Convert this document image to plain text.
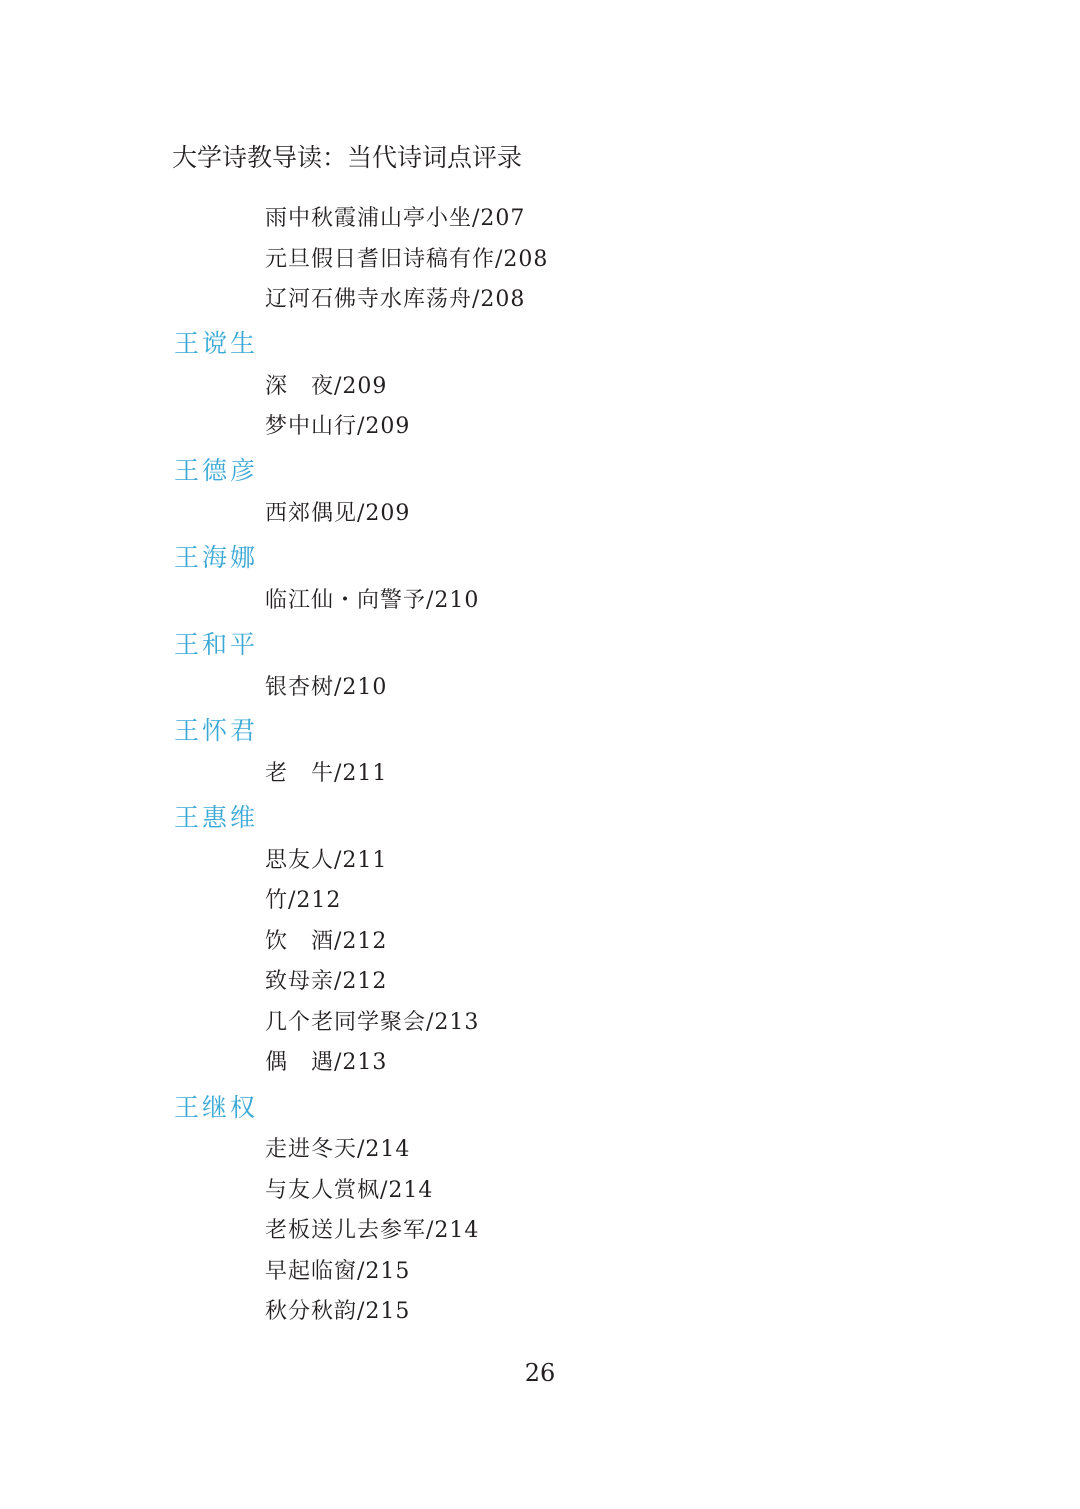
大学诗教导读：当代诗词点评录
雨中秋霞浦山亭小坐/207
元旦假日耆旧诗稿有作/208
辽河石佛寺水库荡舟/208
王谠生
深　夜/209
梦中山行/209
王德彦
西郊偶见/209
王海娜
临江仙・向警予/210
王和平
银杏树/210
王怀君
老　牛/211
王惠维
思友人/211
竹/212
饮　酒/212
致母亲/212
几个老同学聚会/213
偶　遇/213
王继权
走进冬天/214
与友人赏枫/214
老板送儿去参军/214
早起临窗/215
秋分秋韵/215
26
